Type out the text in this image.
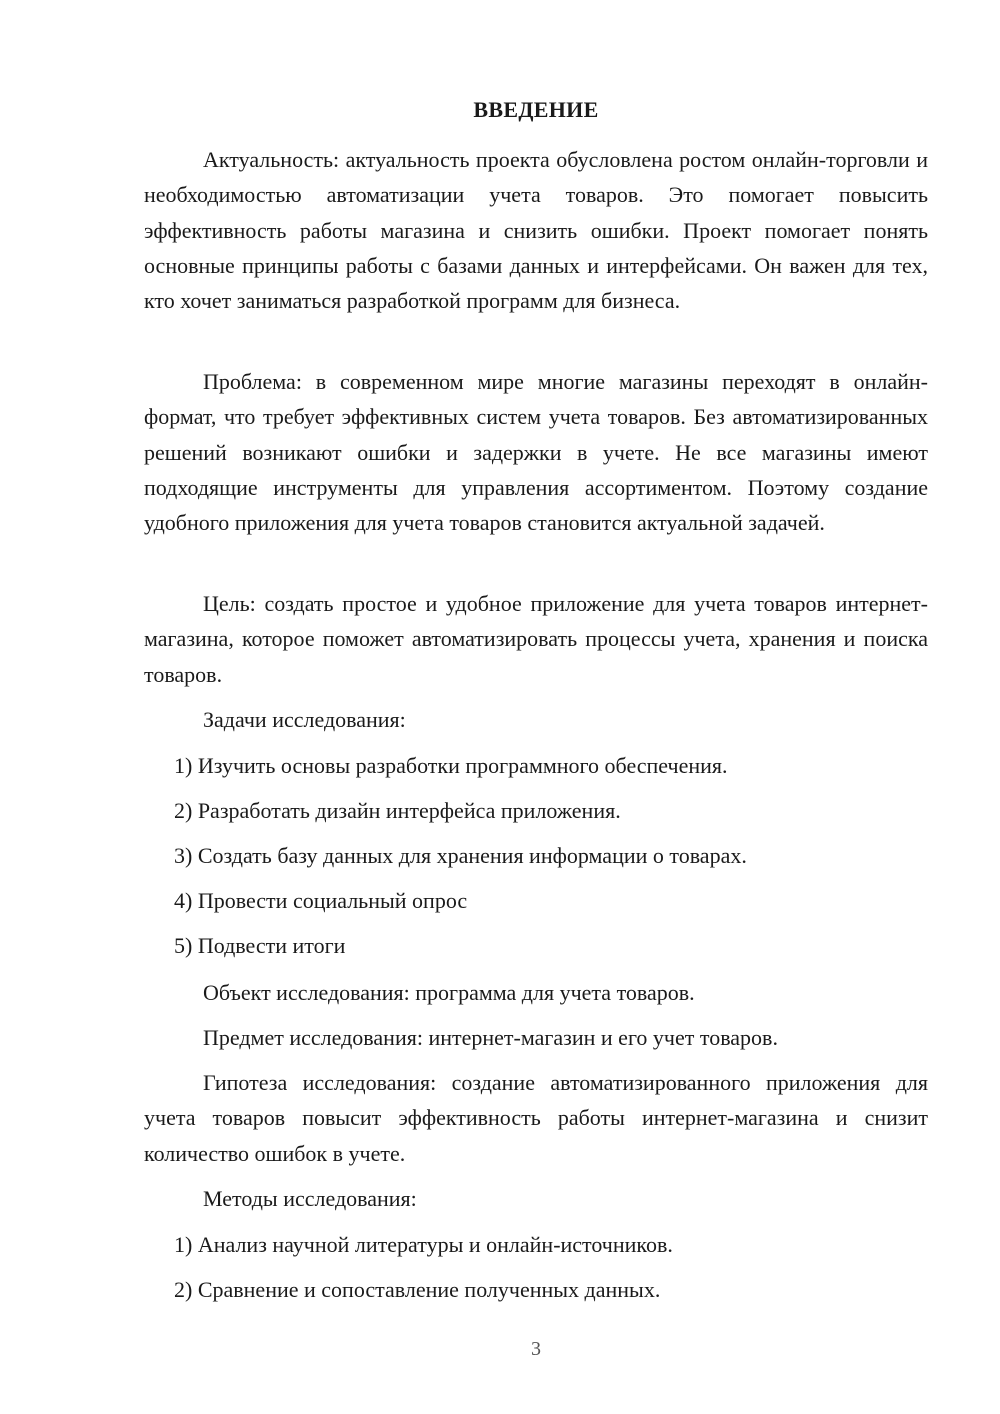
ВВЕДЕНИЕ

Актуальность: актуальность проекта обусловлена ростом онлайн-торговли и необходимостью автоматизации учета товаров. Это помогает повысить эффективность работы магазина и снизить ошибки. Проект помогает понять основные принципы работы с базами данных и интерфейсами. Он важен для тех, кто хочет заниматься разработкой программ для бизнеса.

Проблема: в современном мире многие магазины переходят в онлайн-формат, что требует эффективных систем учета товаров. Без автоматизированных решений возникают ошибки и задержки в учете. Не все магазины имеют подходящие инструменты для управления ассортиментом. Поэтому создание удобного приложения для учета товаров становится актуальной задачей.

Цель: создать простое и удобное приложение для учета товаров интернет-магазина, которое поможет автоматизировать процессы учета, хранения и поиска товаров.

Задачи исследования:

1) Изучить основы разработки программного обеспечения.

2) Разработать дизайн интерфейса приложения.

3) Создать базу данных для хранения информации о товарах.

4) Провести социальный опрос

5) Подвести итоги

Объект исследования: программа для учета товаров.

Предмет исследования: интернет-магазин и его учет товаров.

Гипотеза исследования: создание автоматизированного приложения для учета товаров повысит эффективность работы интернет-магазина и снизит количество ошибок в учете.

Методы исследования:

1) Анализ научной литературы и онлайн-источников.

2) Сравнение и сопоставление полученных данных.

3
